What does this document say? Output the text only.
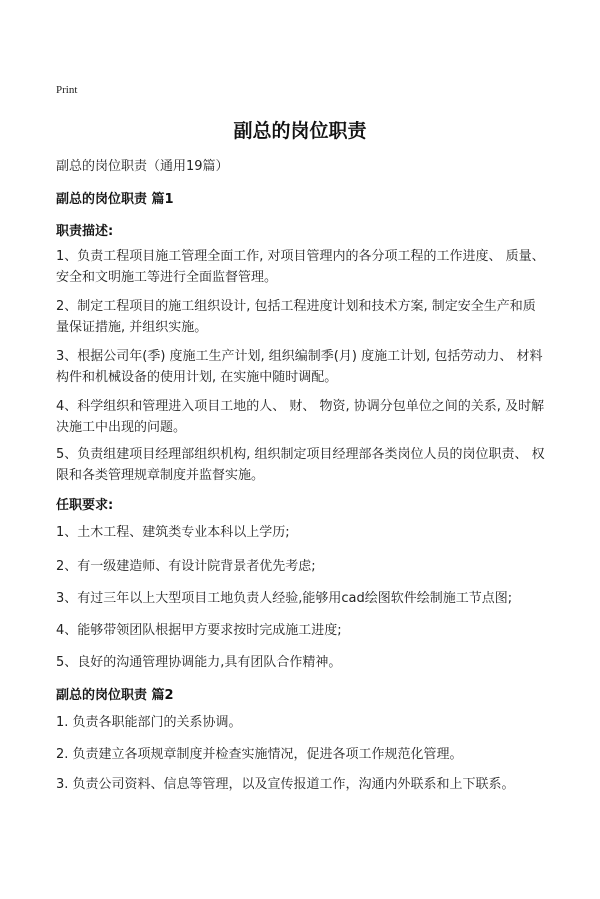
Print
副总的岗位职责
副总的岗位职责（通用19篇）
副总的岗位职责 篇1
职责描述:

1、负责工程项目施工管理全面工作, 对项目管理内的各分项工程的工作进度、 质量、 安全和文明施工等进行全面监督管理。

2、制定工程项目的施工组织设计, 包括工程进度计划和技术方案, 制定安全生产和质量保证措施, 并组织实施。

3、根据公司年(季) 度施工生产计划, 组织编制季(月) 度施工计划, 包括劳动力、 材料构件和机械设备的使用计划, 在实施中随时调配。

4、科学组织和管理进入项目工地的人、 财、 物资, 协调分包单位之间的关系, 及时解决施工中出现的问题。

5、负责组建项目经理部组织机构, 组织制定项目经理部各类岗位人员的岗位职责、 权限和各类管理规章制度并监督实施。

任职要求:

1、土木工程、建筑类专业本科以上学历;

2、有一级建造师、有设计院背景者优先考虑;

3、有过三年以上大型项目工地负责人经验,能够用cad绘图软件绘制施工节点图;

4、能够带领团队根据甲方要求按时完成施工进度;

5、良好的沟通管理协调能力,具有团队合作精神。

副总的岗位职责 篇2

1. 负责各职能部门的关系协调。

2. 负责建立各项规章制度并检查实施情况，促进各项工作规范化管理。

3. 负责公司资料、信息等管理，以及宣传报道工作，沟通内外联系和上下联系。
